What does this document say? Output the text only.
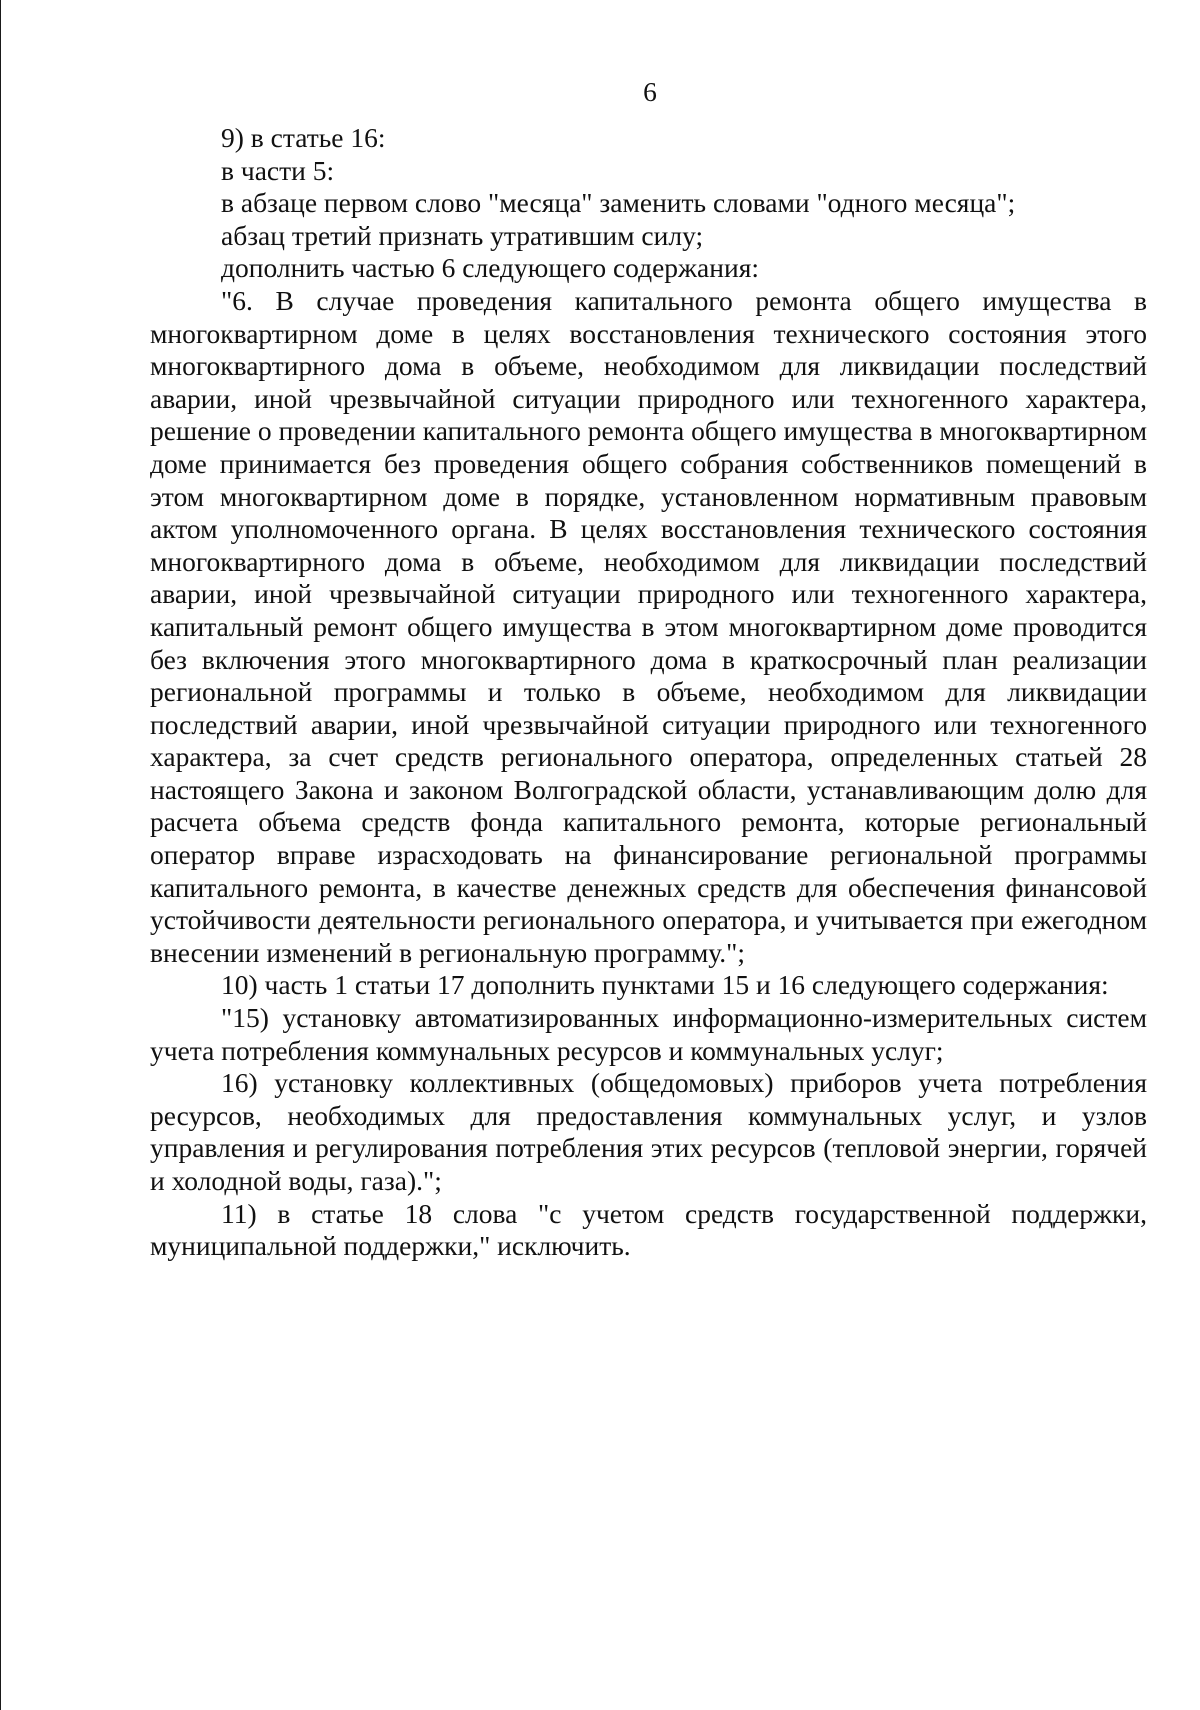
6

9) в статье 16:

в части 5:

в абзаце первом слово "месяца" заменить словами "одного месяца";

абзац третий признать утратившим силу;

дополнить частью 6 следующего содержания:

"6. В случае проведения капитального ремонта общего имущества в многоквартирном доме в целях восстановления технического состояния этого многоквартирного дома в объеме, необходимом для ликвидации последствий аварии, иной чрезвычайной ситуации природного или техногенного характера, решение о проведении капитального ремонта общего имущества в многоквартирном доме принимается без проведения общего собрания собственников помещений в этом многоквартирном доме в порядке, установленном нормативным правовым актом уполномоченного органа. В целях восстановления технического состояния многоквартирного дома в объеме, необходимом для ликвидации последствий аварии, иной чрезвычайной ситуации природного или техногенного характера, капитальный ремонт общего имущества в этом многоквартирном доме проводится без включения этого многоквартирного дома в краткосрочный план реализации региональной программы и только в объеме, необходимом для ликвидации последствий аварии, иной чрезвычайной ситуации природного или техногенного характера, за счет средств регионального оператора, определенных статьей 28 настоящего Закона и законом Волгоградской области, устанавливающим долю для расчета объема средств фонда капитального ремонта, которые региональный оператор вправе израсходовать на финансирование региональной программы капитального ремонта, в качестве денежных средств для обеспечения финансовой устойчивости деятельности регионального оператора, и учитывается при ежегодном внесении изменений в региональную программу.";

10) часть 1 статьи 17 дополнить пунктами 15 и 16 следующего содержания:

"15) установку автоматизированных информационно-измерительных систем учета потребления коммунальных ресурсов и коммунальных услуг;

16) установку коллективных (общедомовых) приборов учета потребления ресурсов, необходимых для предоставления коммунальных услуг, и узлов управления и регулирования потребления этих ресурсов (тепловой энергии, горячей и холодной воды, газа).";

11) в статье 18 слова "с учетом средств государственной поддержки, муниципальной поддержки," исключить.
